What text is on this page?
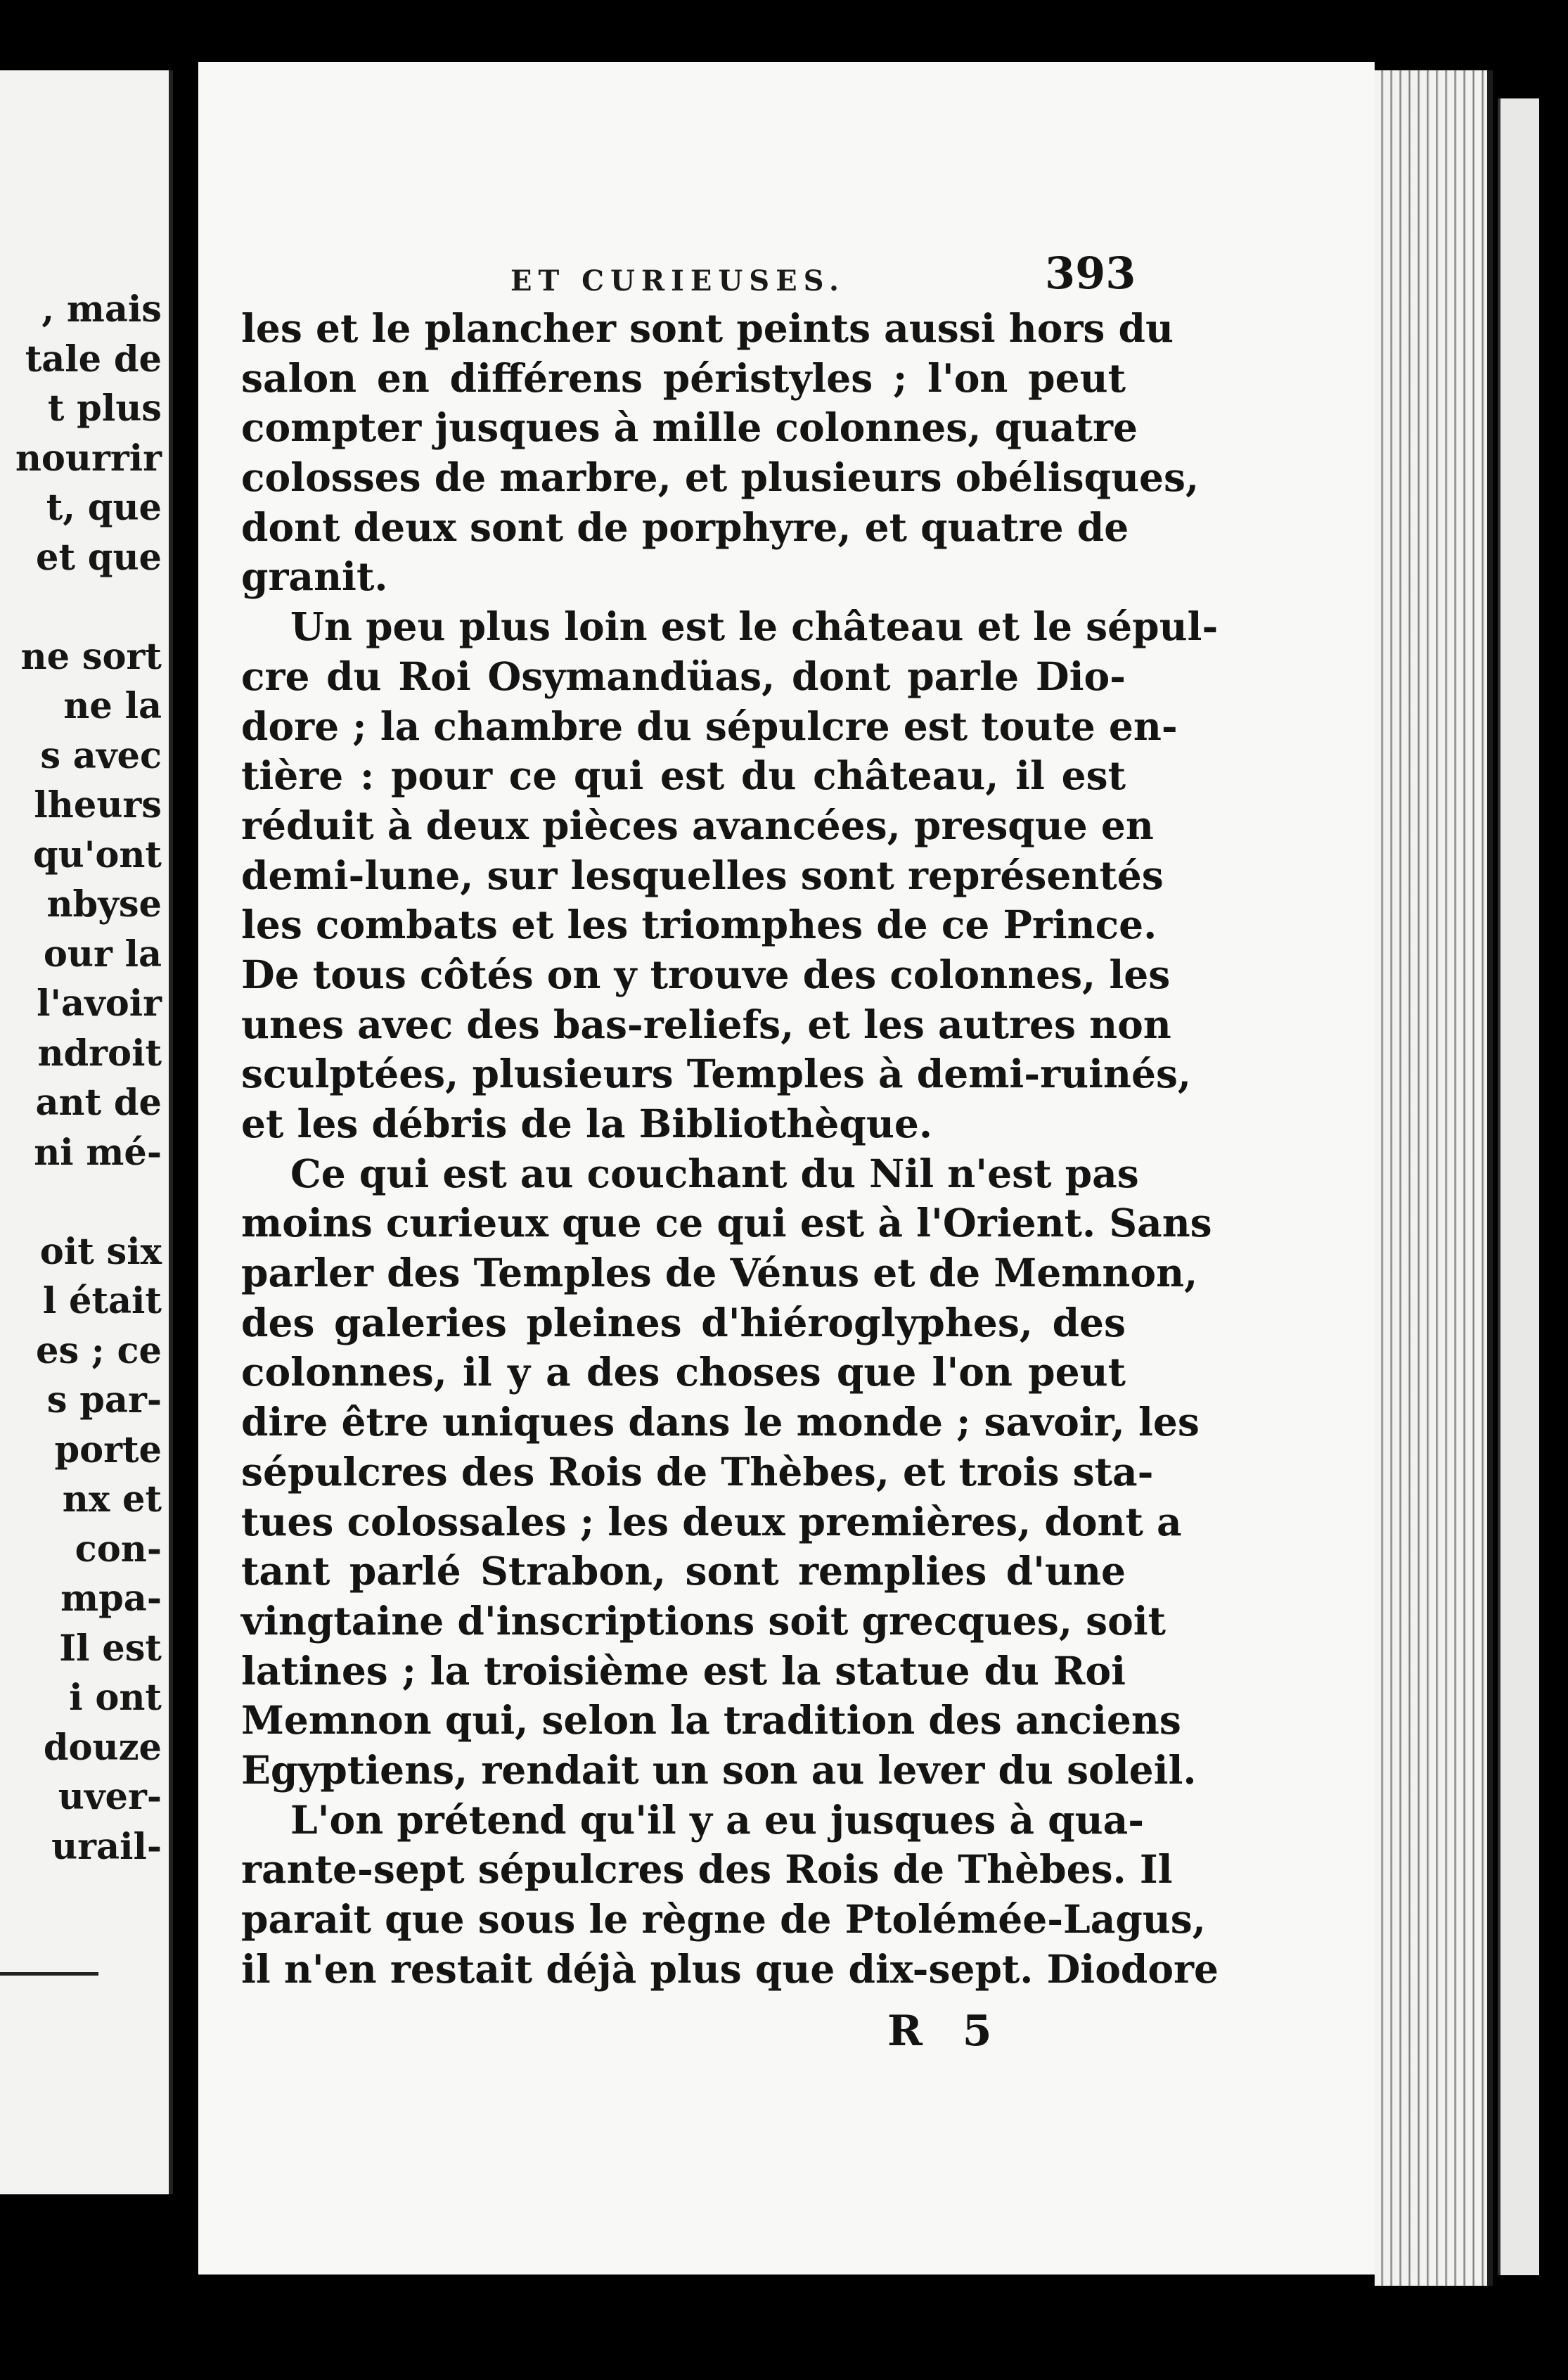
, mais
tale de
t plus
nourrir
t, que
et que
ne sort
ne la
s avec
lheurs
qu'ont
nbyse
our la
l'avoir
ndroit
ant de
ni mé-
oit six
l était
es ; ce
s par-
porte
nx et
con-
mpa-
Il est
i ont
douze
uver-
urail-
ET CURIEUSES.	393
les et le plancher sont peints aussi hors du
salon en différens péristyles ; l'on peut
compter jusques à mille colonnes, quatre
colosses de marbre, et plusieurs obélisques,
dont deux sont de porphyre, et quatre de
granit.
Un peu plus loin est le château et le sépul-
cre du Roi Osymandüas, dont parle Dio-
dore ; la chambre du sépulcre est toute en-
tière : pour ce qui est du château, il est
réduit à deux pièces avancées, presque en
demi-lune, sur lesquelles sont représentés
les combats et les triomphes de ce Prince.
De tous côtés on y trouve des colonnes, les
unes avec des bas-reliefs, et les autres non
sculptées, plusieurs Temples à demi-ruinés,
et les débris de la Bibliothèque.
Ce qui est au couchant du Nil n'est pas
moins curieux que ce qui est à l'Orient. Sans
parler des Temples de Vénus et de Memnon,
des galeries pleines d'hiéroglyphes, des
colonnes, il y a des choses que l'on peut
dire être uniques dans le monde ; savoir, les
sépulcres des Rois de Thèbes, et trois sta-
tues colossales ; les deux premières, dont a
tant parlé Strabon, sont remplies d'une
vingtaine d'inscriptions soit grecques, soit
latines ; la troisième est la statue du Roi
Memnon qui, selon la tradition des anciens
Egyptiens, rendait un son au lever du soleil.
L'on prétend qu'il y a eu jusques à qua-
rante-sept sépulcres des Rois de Thèbes. Il
parait que sous le règne de Ptolémée-Lagus,
il n'en restait déjà plus que dix-sept. Diodore
R 5
